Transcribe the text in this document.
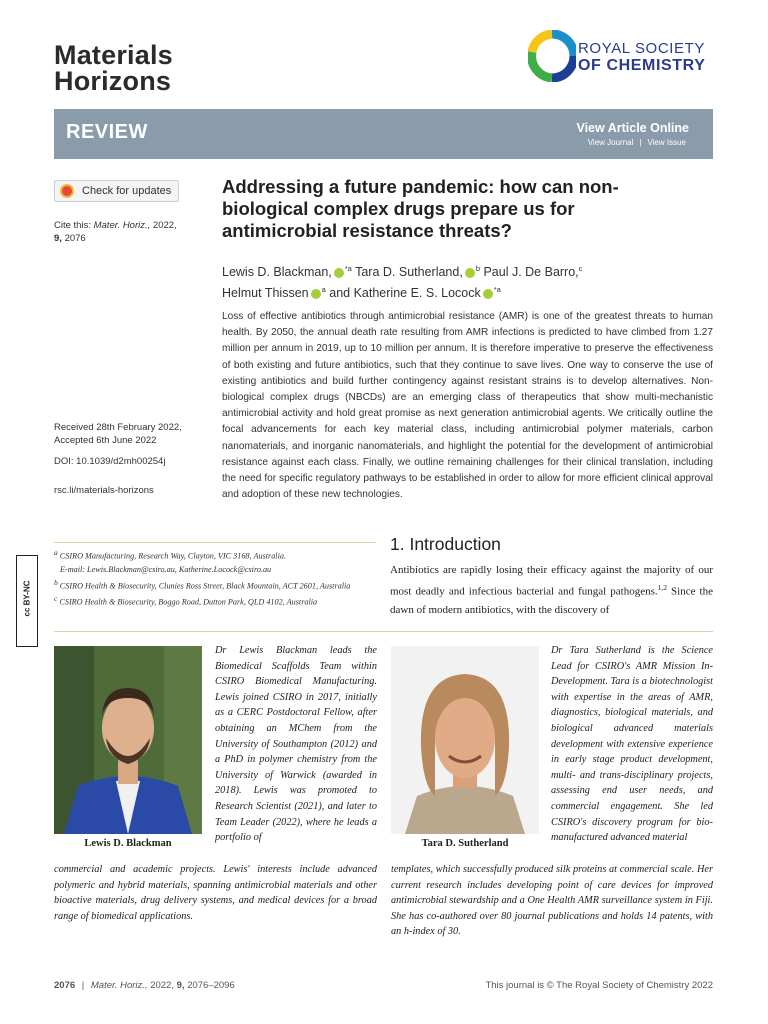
Materials
Horizons
ROYAL SOCIETY
OF CHEMISTRY
REVIEW	View Article Online
View Journal | View Issue
Check for updates
Cite this: Mater. Horiz., 2022,
9, 2076
Received 28th February 2022,
Accepted 6th June 2022
DOI: 10.1039/d2mh00254j
rsc.li/materials-horizons
Addressing a future pandemic: how can non-biological complex drugs prepare us for antimicrobial resistance threats?
Lewis D. Blackman, $^{*a}$ Tara D. Sutherland, $^b$ Paul J. De Barro,$^c$
Helmut Thissen $^a$ and Katherine E. S. Locock $^{*a}$
Loss of effective antibiotics through antimicrobial resistance (AMR) is one of the greatest threats to human health. By 2050, the annual death rate resulting from AMR infections is predicted to have climbed from 1.27 million per annum in 2019, up to 10 million per annum. It is therefore imperative to preserve the effectiveness of both existing and future antibiotics, such that they continue to save lives. One way to conserve the use of existing antibiotics and build further contingency against resistant strains is to develop alternatives. Non-biological complex drugs (NBCDs) are an emerging class of therapeutics that show multi-mechanistic antimicrobial activity and hold great promise as next generation antimicrobial agents. We critically outline the focal advancements for each key material class, including antimicrobial polymer materials, carbon nanomaterials, and inorganic nanomaterials, and highlight the potential for the development of antimicrobial resistance against each class. Finally, we outline remaining challenges for their clinical translation, including the need for specific regulatory pathways to be established in order to allow for more efficient clinical approval and adoption of these new technologies.
a CSIRO Manufacturing, Research Way, Clayton, VIC 3168, Australia.
E-mail: Lewis.Blackman@csiro.au, Katherine.Locock@csiro.au
b CSIRO Health & Biosecurity, Clunies Ross Street, Black Mountain, ACT 2601, Australia
c CSIRO Health & Biosecurity, Boggo Road, Dutton Park, QLD 4102, Australia
cc BY-NC
1. Introduction
Antibiotics are rapidly losing their efficacy against the majority of our most deadly and infectious bacterial and fungal pathogens.$^{1,2}$ Since the dawn of modern antibiotics, with the discovery of
Lewis D. Blackman
Dr Lewis Blackman leads the Biomedical Scaffolds Team within CSIRO Biomedical Manufacturing. Lewis joined CSIRO in 2017, initially as a CERC Postdoctoral Fellow, after obtaining an MChem from the University of Southampton (2012) and a PhD in polymer chemistry from the University of Warwick (awarded in 2018). Lewis was promoted to Research Scientist (2021), and later to Team Leader (2022), where he leads a portfolio of
commercial and academic projects. Lewis' interests include advanced polymeric and hybrid materials, spanning antimicrobial materials and other bioactive materials, drug delivery systems, and medical devices for a broad range of biomedical applications.
Tara D. Sutherland
Dr Tara Sutherland is the Science Lead for CSIRO's AMR Mission In-Development. Tara is a biotechnologist with expertise in the areas of AMR, diagnostics, biological materials, and biological advanced materials development with extensive experience in early stage product development, multi- and trans-disciplinary projects, assessing end user needs, and commercial engagement. She led CSIRO's discovery program for bio-manufactured advanced material
templates, which successfully produced silk proteins at commercial scale. Her current research includes developing point of care devices for improved antimicrobial stewardship and a One Health AMR surveillance system in Fiji. She has co-authored over 80 journal publications and holds 14 patents, with an h-index of 30.
2076 | Mater. Horiz., 2022, 9, 2076–2096	This journal is © The Royal Society of Chemistry 2022
